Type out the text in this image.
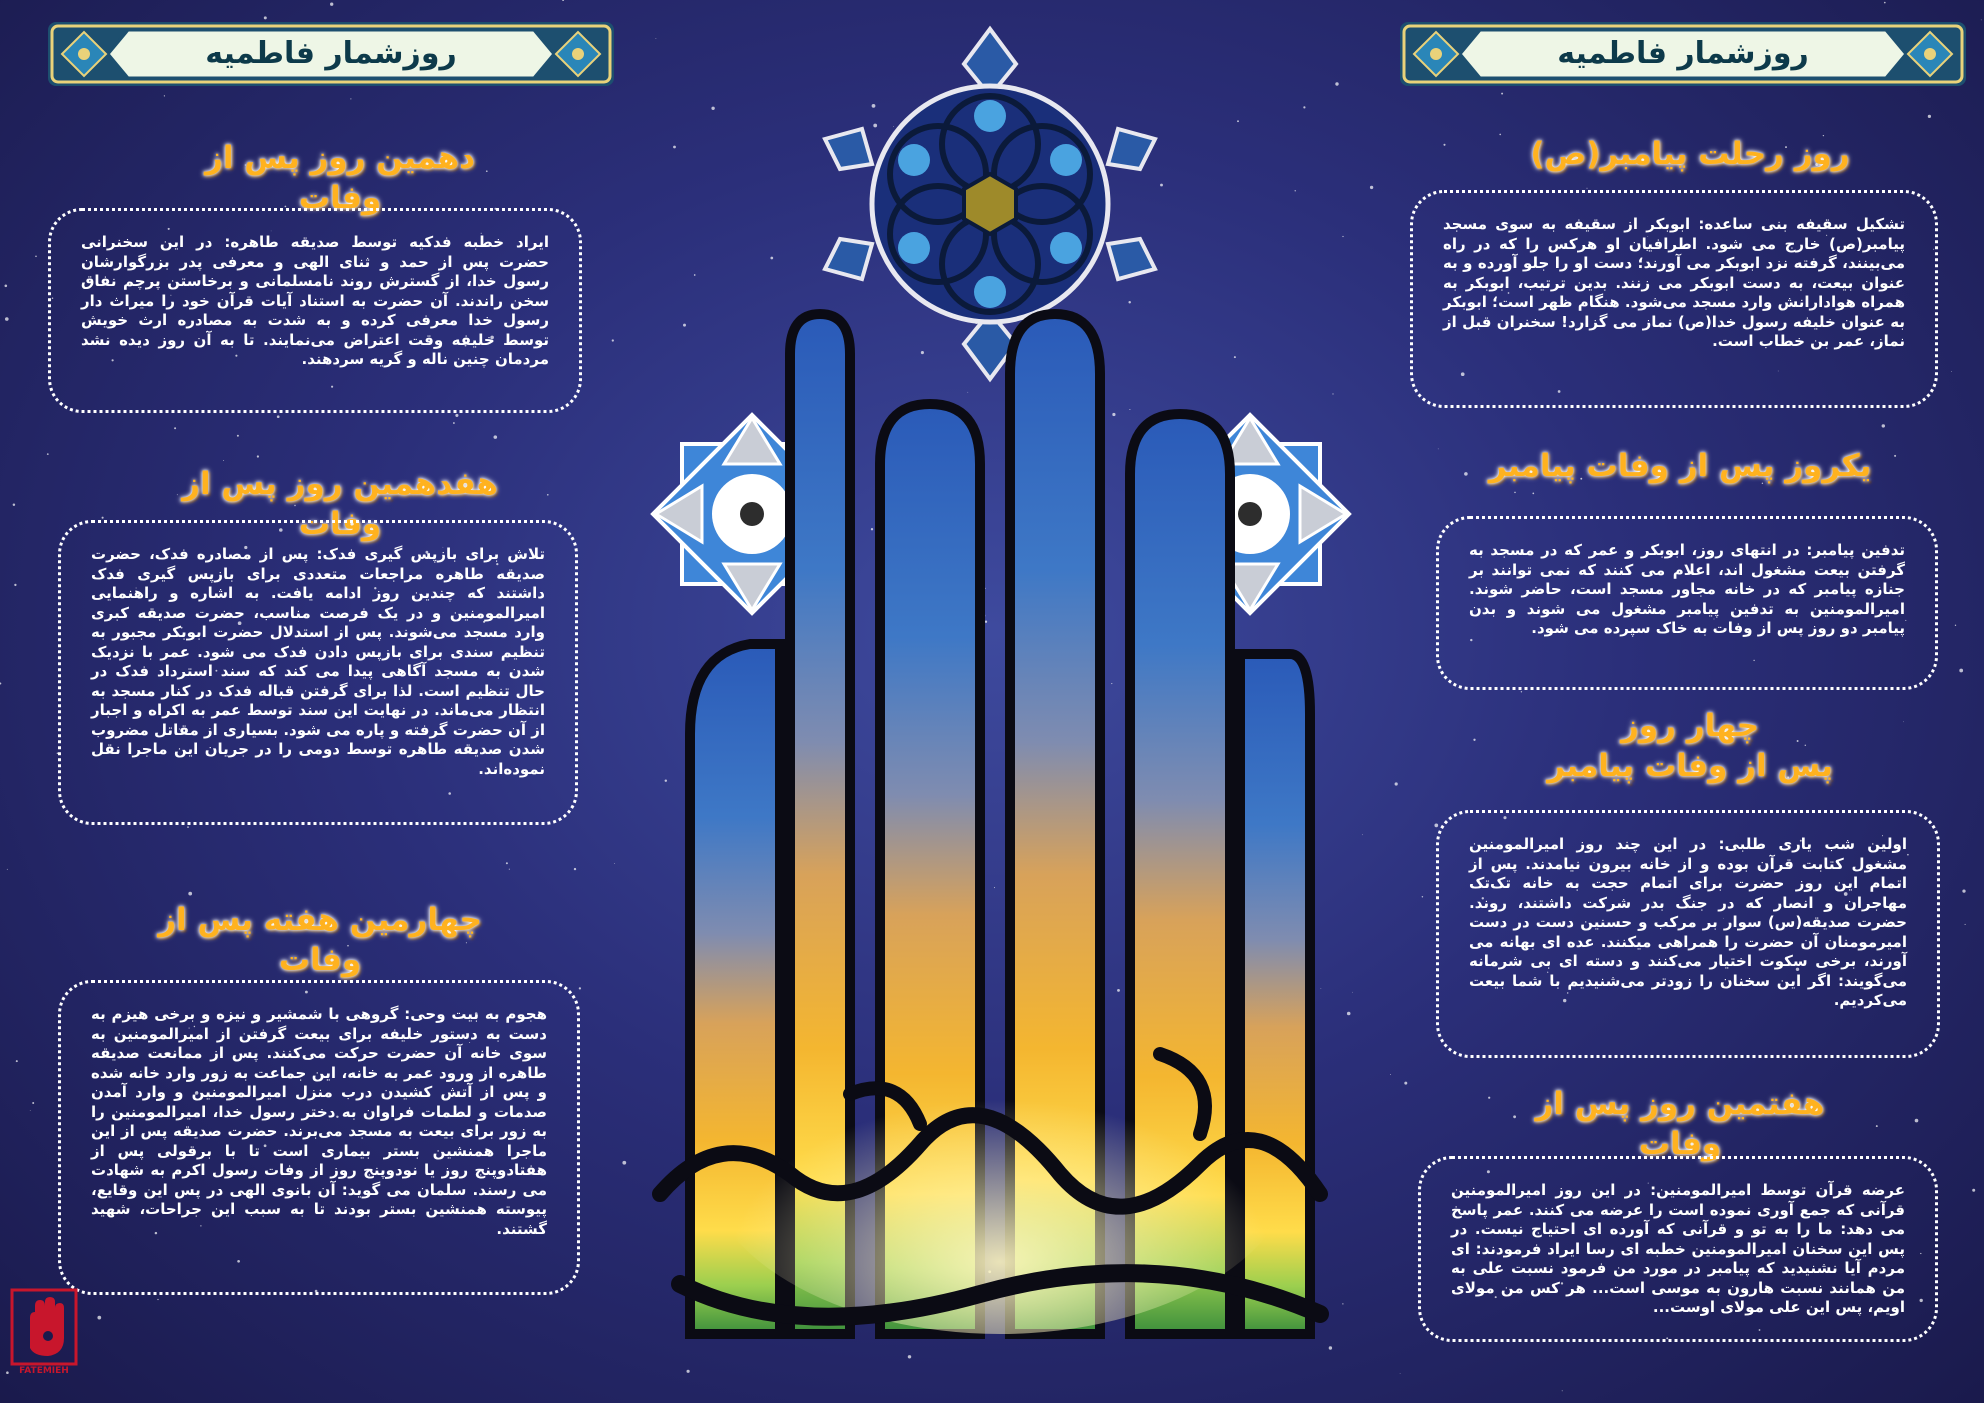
روزشمار فاطمیه	روزشمار فاطمیه
دهمین روز پس از وفات
ایراد خطبه فدکیه توسط صدیقه طاهره: در این سخنرانی حضرت پس از حمد و ثنای الهی و معرفی پدر بزرگوارشان رسول خدا، از گسترش روند نامسلمانی و برخاستن پرچم نفاق سخن راندند. آن حضرت به استناد آیات قرآن خود را میراث دار رسول خدا معرفی کرده و به شدت به مصادره ارث خویش توسط خلیفه وقت اعتراض می‌نمایند. تا به آن روز دیده نشد مردمان چنین ناله و گریه سردهند.
هفدهمین روز پس از وفات
تلاش برای بازپس گیری فدک: پس از مصادره فدک، حضرت صدیقه طاهره مراجعات متعددی برای بازپس گیری فدک داشتند که چندین روز ادامه یافت. به اشاره و راهنمایی امیرالمومنین و در یک فرصت مناسب، حضرت صدیقه کبری وارد مسجد می‌شوند. پس از استدلال حضرت ابوبکر مجبور به تنظیم سندی برای بازپس دادن فدک می شود. عمر با نزدیک شدن به مسجد آگاهی پیدا می کند که سند استرداد فدک در حال تنظیم است. لذا برای گرفتن قباله فدک در کنار مسجد به انتظار می‌ماند. در نهایت این سند توسط عمر به اکراه و اجبار از آن حضرت گرفته و پاره می شود. بسیاری از مقاتل مضروب شدن صدیقه طاهره توسط دومی را در جریان این ماجرا نقل نموده‌اند.
چهارمین هفته پس از وفات
هجوم به بیت وحی: گروهی با شمشیر و نیزه و برخی هیزم به دست به دستور خلیفه برای بیعت گرفتن از امیرالمومنین به سوی خانه آن حضرت حرکت می‌کنند. پس از ممانعت صدیقه طاهره از ورود عمر به خانه، این جماعت به زور وارد خانه شده و پس از آتش کشیدن درب منزل امیرالمومنین و وارد آمدن صدمات و لطمات فراوان به دختر رسول خدا، امیرالمومنین را به زور برای بیعت به مسجد می‌برند. حضرت صدیقه پس از این ماجرا همنشین بستر بیماری است تا با برقولی پس از هفتادوپنج روز یا نودوپنج روز از وفات رسول اکرم به شهادت می رسند. سلمان می گوید: آن بانوی الهی در پس این وقایع، پیوسته همنشین بستر بودند تا به سبب این جراحات، شهید گشتند.
روز رحلت پیامبر(ص)
تشکیل سقیفه بنی ساعده: ابوبکر از سقیفه به سوی مسجد پیامبر(ص) خارج می شود. اطرافیان او هرکس را که در راه می‌بینند، گرفته نزد ابوبکر می آورند؛ دست او را جلو آورده و به عنوان بیعت، به دست ابوبکر می زنند. بدین ترتیب، ابوبکر به همراه هوادارانش وارد مسجد می‌شود. هنگام ظهر است؛ ابوبکر به عنوان خلیفه رسول خدا(ص) نماز می گزارد! سخنران قبل از نماز، عمر بن خطاب است.
یکروز پس از وفات پیامبر
تدفین پیامبر: در انتهای روز، ابوبکر و عمر که در مسجد به گرفتن بیعت مشغول اند، اعلام می کنند که نمی توانند بر جنازه پیامبر که در خانه مجاور مسجد است، حاضر شوند. امیرالمومنین به تدفین پیامبر مشغول می شوند و بدن پیامبر دو روز پس از وفات به خاک سپرده می شود.
چهار روز
پس از وفات پیامبر
اولین شب یاری طلبی: در این چند روز امیرالمومنین مشغول کتابت قرآن بوده و از خانه بیرون نیامدند. پس از اتمام این روز حضرت برای اتمام حجت به خانه تک‌تک مهاجران و انصار که در جنگ بدر شرکت داشتند، روند. حضرت صدیقه(س) سوار بر مرکب و حسنین دست در دست امیرمومنان آن حضرت را همراهی میکنند. عده ای بهانه می آورند، برخی سکوت اختیار می‌کنند و دسته ای بی شرمانه می‌گویند: اگر این سخنان را زودتر می‌شنیدیم با شما بیعت می‌کردیم.
هفتمین روز پس از وفات
عرضه قرآن توسط امیرالمومنین: در این روز امیرالمومنین قرآنی که جمع آوری نموده است را عرضه می کنند. عمر پاسخ می دهد: ما را به تو و قرآنی که آورده ای احتیاج نیست. در پس این سخنان امیرالمومنین خطبه ای رسا ایراد فرمودند: ای مردم آیا نشنیدید که پیامبر در مورد من فرمود نسبت علی به من همانند نسبت هارون به موسی است... هر کس من مولای اویم، پس این علی مولای اوست...
FATEMIEH
